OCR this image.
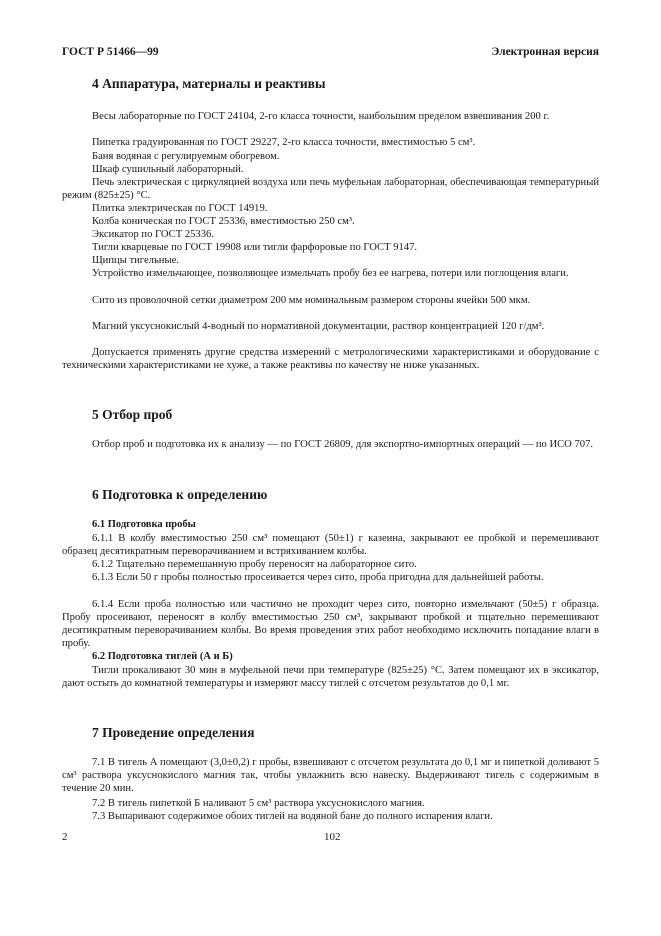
ГОСТ Р 51466—99	Электронная версия
4 Аппаратура, материалы и реактивы

Весы лабораторные по ГОСТ 24104, 2-го класса точности, наибольшим пределом взвешивания 200 г.

Пипетка градуированная по ГОСТ 29227, 2-го класса точности, вместимостью 5 см³.

Баня водяная с регулируемым обогревом.

Шкаф сушильный лабораторный.

Печь электрическая с циркуляцией воздуха или печь муфельная лабораторная, обеспечивающая температурный режим (825±25) °С.

Плитка электрическая по ГОСТ 14919.

Колба коническая по ГОСТ 25336, вместимостью 250 см³.

Эксикатор по ГОСТ 25336.

Тигли кварцевые по ГОСТ 19908 или тигли фарфоровые по ГОСТ 9147.

Щипцы тигельные.

Устройство измельчающее, позволяющее измельчать пробу без ее нагрева, потери или поглощения влаги.

Сито из проволочной сетки диаметром 200 мм номинальным размером стороны ячейки 500 мкм.

Магний уксуснокислый 4-водный по нормативной документации, раствор концентрацией 120 г/дм³.

Допускается применять другие средства измерений с метрологическими характеристиками и оборудование с техническими характеристиками не хуже, а также реактивы по качеству не ниже указанных.

5 Отбор проб

Отбор проб и подготовка их к анализу — по ГОСТ 26809, для экспортно-импортных операций — по ИСО 707.

6 Подготовка к определению
6.1 Подготовка пробы

6.1.1 В колбу вместимостью 250 см³ помещают (50±1) г казеина, закрывают ее пробкой и перемешивают образец десятикратным переворачиванием и встряхиванием колбы.

6.1.2 Тщательно перемешанную пробу переносят на лабораторное сито.

6.1.3 Если 50 г пробы полностью просеивается через сито, проба пригодна для дальнейшей работы.

6.1.4 Если проба полностью или частично не проходит через сито, повторно измельчают (50±5) г образца. Пробу просеивают, переносят в колбу вместимостью 250 см³, закрывают пробкой и тщательно перемешивают десятикратным переворачиванием колбы. Во время проведения этих работ необходимо исключить попадание влаги в пробу.

6.2 Подготовка тиглей (А и Б)

Тигли прокаливают 30 мин в муфельной печи при температуре (825±25) °С. Затем помещают их в эксикатор, дают остыть до комнатной температуры и измеряют массу тиглей с отсчетом результатов до 0,1 мг.

7 Проведение определения

7.1 В тигель А помещают (3,0±0,2) г пробы, взвешивают с отсчетом результата до 0,1 мг и пипеткой доливают 5 см³ раствора уксуснокислого магния так, чтобы увлажнить всю навеску. Выдерживают тигель с содержимым в течение 20 мин.

7.2 В тигель пипеткой Б наливают 5 см³ раствора уксуснокислого магния.

7.3 Выпаривают содержимое обоих тиглей на водяной бане до полного испарения влаги.

2	102
